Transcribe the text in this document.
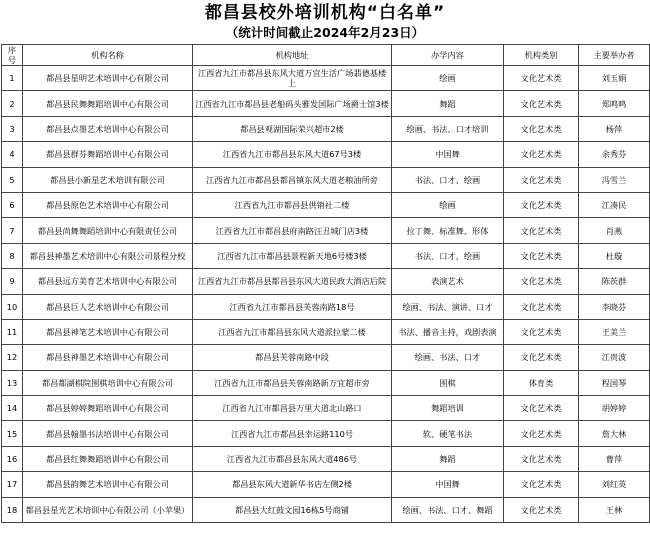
都昌县校外培训机构“白名单”
（统计时间截止2024年2月23日）
序号	机构名称	机构地址	办学内容	机构类别	主要举办者
1	都昌县星明艺术培训中心有限公司	江西省九江市都昌县东风大道万宜生活广场翡德基楼上	绘画	文化艺术类	刘玉娟
2	都昌县民舞舞蹈培训中心有限公司	江西省九江市都昌县老船码头雅发国际广场爵士馆3楼	舞蹈	文化艺术类	郑鸣鸣
3	都昌县点墨艺术培训中心有限公司	都昌县观湖国际荣兴超市2楼	绘画、书法、口才培训	文化艺术类	杨萍
4	都昌县群芬舞蹈培训中心有限公司	江西省九江市都昌县东风大道67号3楼	中国舞	文化艺术类	余秀芬
5	都昌县小新星艺术培训有限公司	江西省九江市都昌县都昌镇东风大道老粮油所旁	书法、口才、绘画	文化艺术类	冯雪兰
6	都昌县原色艺术培训中心有限公司	江西省九江市都昌县供销社二楼	绘画	文化艺术类	江凑民
7	都昌县尚舞舞蹈培训中心有限责任公司	江西省九江市都昌县府南路汪丑城门店3楼	拉丁舞、标准舞、形体	文化艺术类	肖燕
8	都昌县神墨艺术培训中心有限公司景程分校	江西省九江市都昌县景程新天地6号楼3楼	书法、口才、绘画	文化艺术类	杜璇
9	都昌县远方美育艺术培训中心有限公司	江西省九江市都昌县都昌县东风大道民政大酒店后院	表演艺术	文化艺术类	陈茨群
10	都昌县巨人艺术培训中心有限公司	江西省九江市都昌县芙蓉南路18号	绘画、书法、演讲、口才	文化艺术类	李晓芬
11	都昌县神笔艺术培训中心有限公司	江西省九江市都昌县东风大道派拉蒙二楼	书法、播音主持，戏剧表演	文化艺术类	王美兰
12	都昌县神墨艺术培训中心有限公司	都昌县芙蓉南路中段	绘画、书法、口才	文化艺术类	江贵波
13	都昌都湖棋院围棋培训中心有限公司	江西省九江市都昌县芙蓉南路新万宜超市旁	围棋	体育类	程国琴
14	都昌县婷婷舞蹈培训中心有限公司	江西省九江市都昌县万里大道北山路口	舞蹈培训	文化艺术类	胡婷婷
15	都昌县翰墨书法培训中心有限公司	江西省九江市都昌县幸运路110号	软、硬笔书法	文化艺术类	詹大林
16	都昌县红舞舞蹈培训中心有限公司	江西省九江市都昌县东风大道486号	舞蹈	文化艺术类	曹萍
17	都昌县韵舞艺术培训中心有限公司	都昌县东风大道新华书店左侧2楼	中国舞	文化艺术类	刘红英
18	都昌县星光艺术培训中心有限公司（小苹果）	都昌县大红鼓文园16栋5号商铺	绘画、书法、口才、舞蹈	文化艺术类	王林
